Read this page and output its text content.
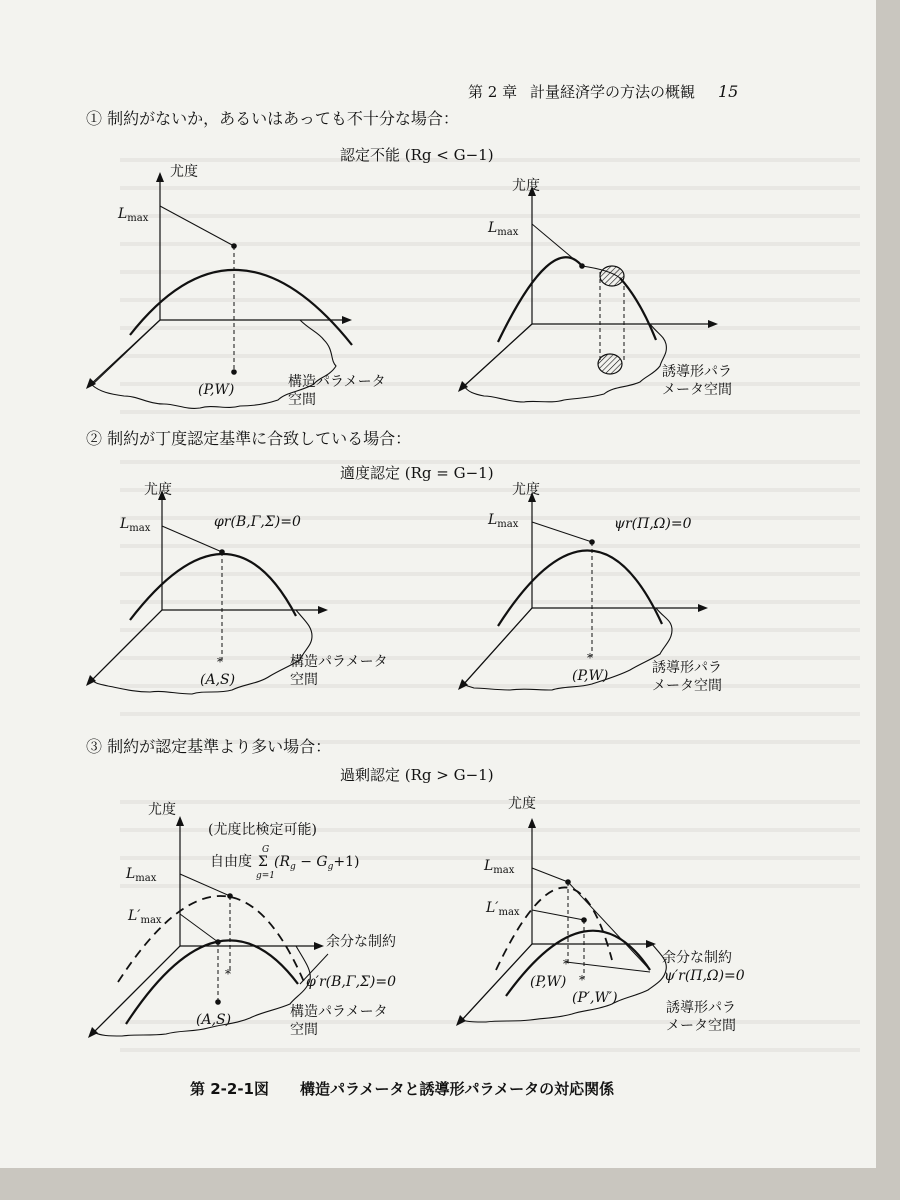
第 2 章 計量経済学の方法の概観 15
① 制約がないか，あるいはあっても不十分な場合：
認定不能 (Rg < G−1)
尤度
$L_{max}$
(P,W)	構造パラメータ
空間
尤度
$L_{max}$
誘導形パラ
メータ空間
② 制約が丁度認定基準に合致している場合：
適度認定 (Rg = G−1)
*
尤度
$L_{max}$	φr(B,Γ,Σ)=0
(A,S)
構造パラメータ
空間
*
尤度
$L_{max}$	ψr(Π,Ω)=0
(P,W)	誘導形パラ
メータ空間
③ 制約が認定基準より多い場合：
過剰認定 (Rg > G−1)
*
尤度
(尤度比検定可能)
自由度
G
Σ
g=1
$(R_g - G_g+1)$
$L_{max}$
$L'_{max}$
余分な制約
φ′r(B,Γ,Σ)=0
(A,S)	構造パラメータ
空間
*
*
尤度
$L_{max}$
$L'_{max}$
余分な制約
ψ′r(Π,Ω)=0
(P,W)
(P′,W′)
誘導形パラ
メータ空間
第 2-2-1図 構造パラメータと誘導形パラメータの対応関係
